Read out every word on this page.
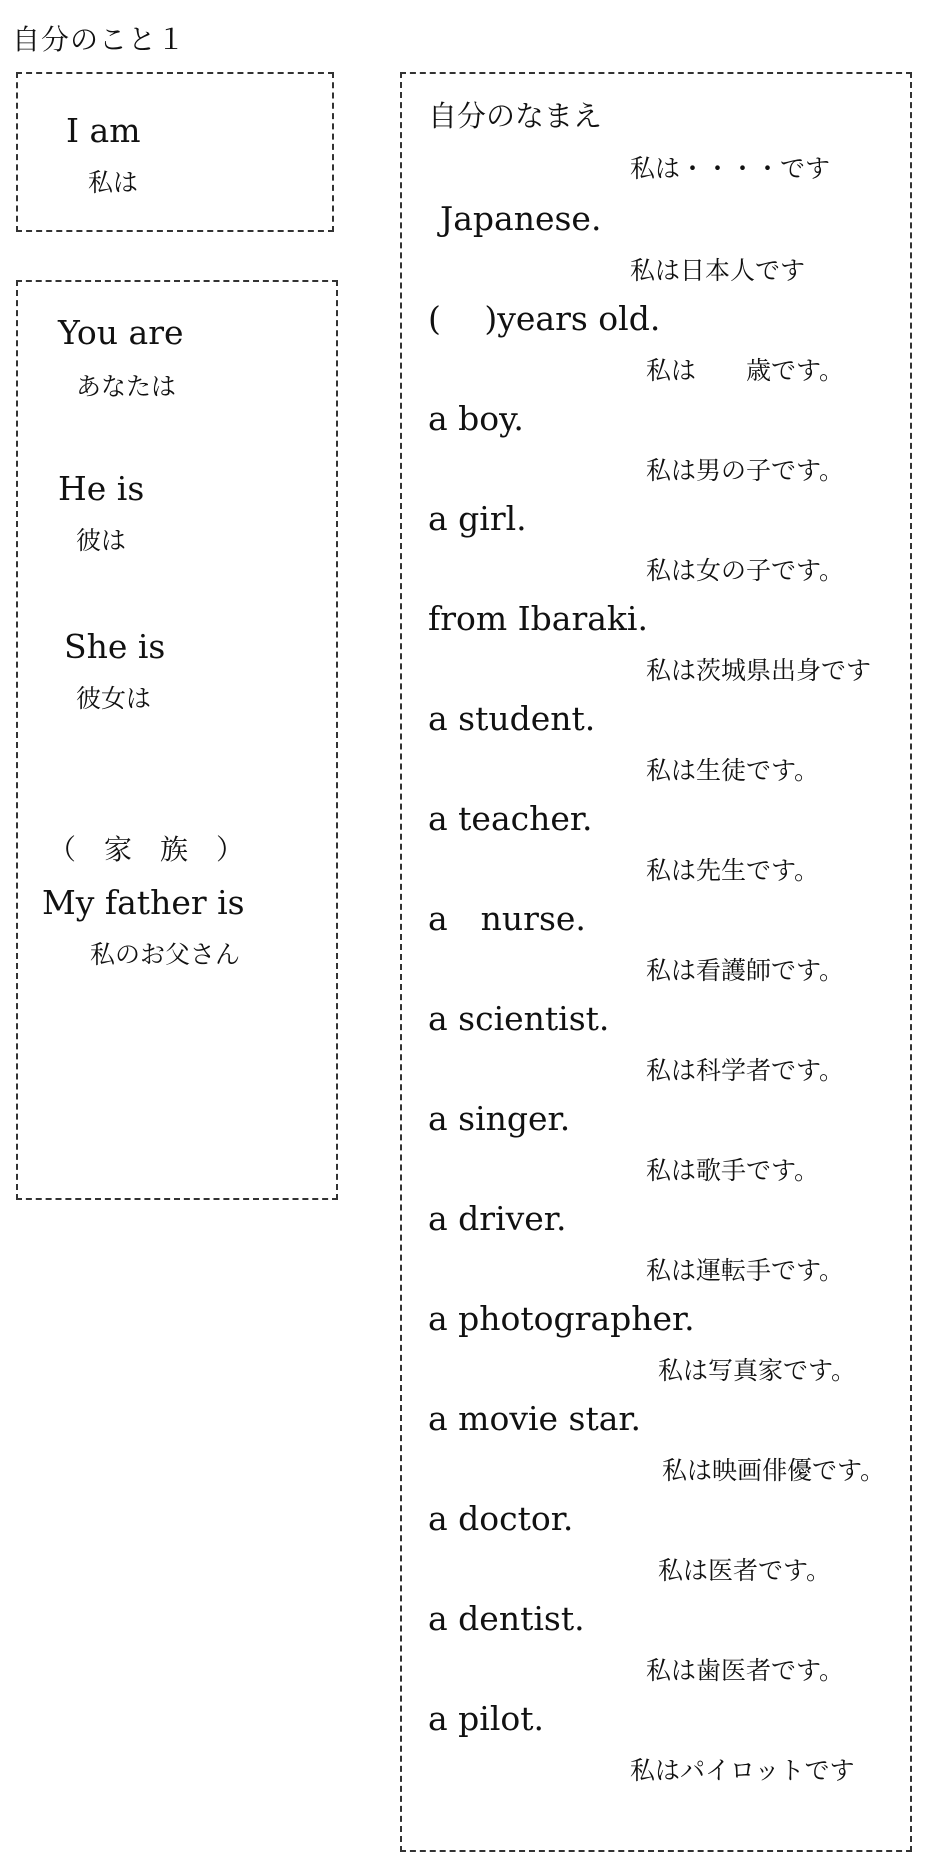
自分のこと１
I am
私は
You are
あなたは
He is
彼は
She is
彼女は
（　家　族　）
My father is
私のお父さん
自分のなまえ
私は・・・・です
Japanese.
私は日本人です
(　 )years old.
私は　　歳です。
a boy.
私は男の子です。
a girl.
私は女の子です。
from Ibaraki.
私は茨城県出身です
a student.
私は生徒です。
a teacher.
私は先生です。
a　nurse.
私は看護師です。
a scientist.
私は科学者です。
a singer.
私は歌手です。
a driver.
私は運転手です。
a photographer.
私は写真家です。
a movie star.
私は映画俳優です。
a doctor.
私は医者です。
a dentist.
私は歯医者です。
a pilot.
私はパイロットです
